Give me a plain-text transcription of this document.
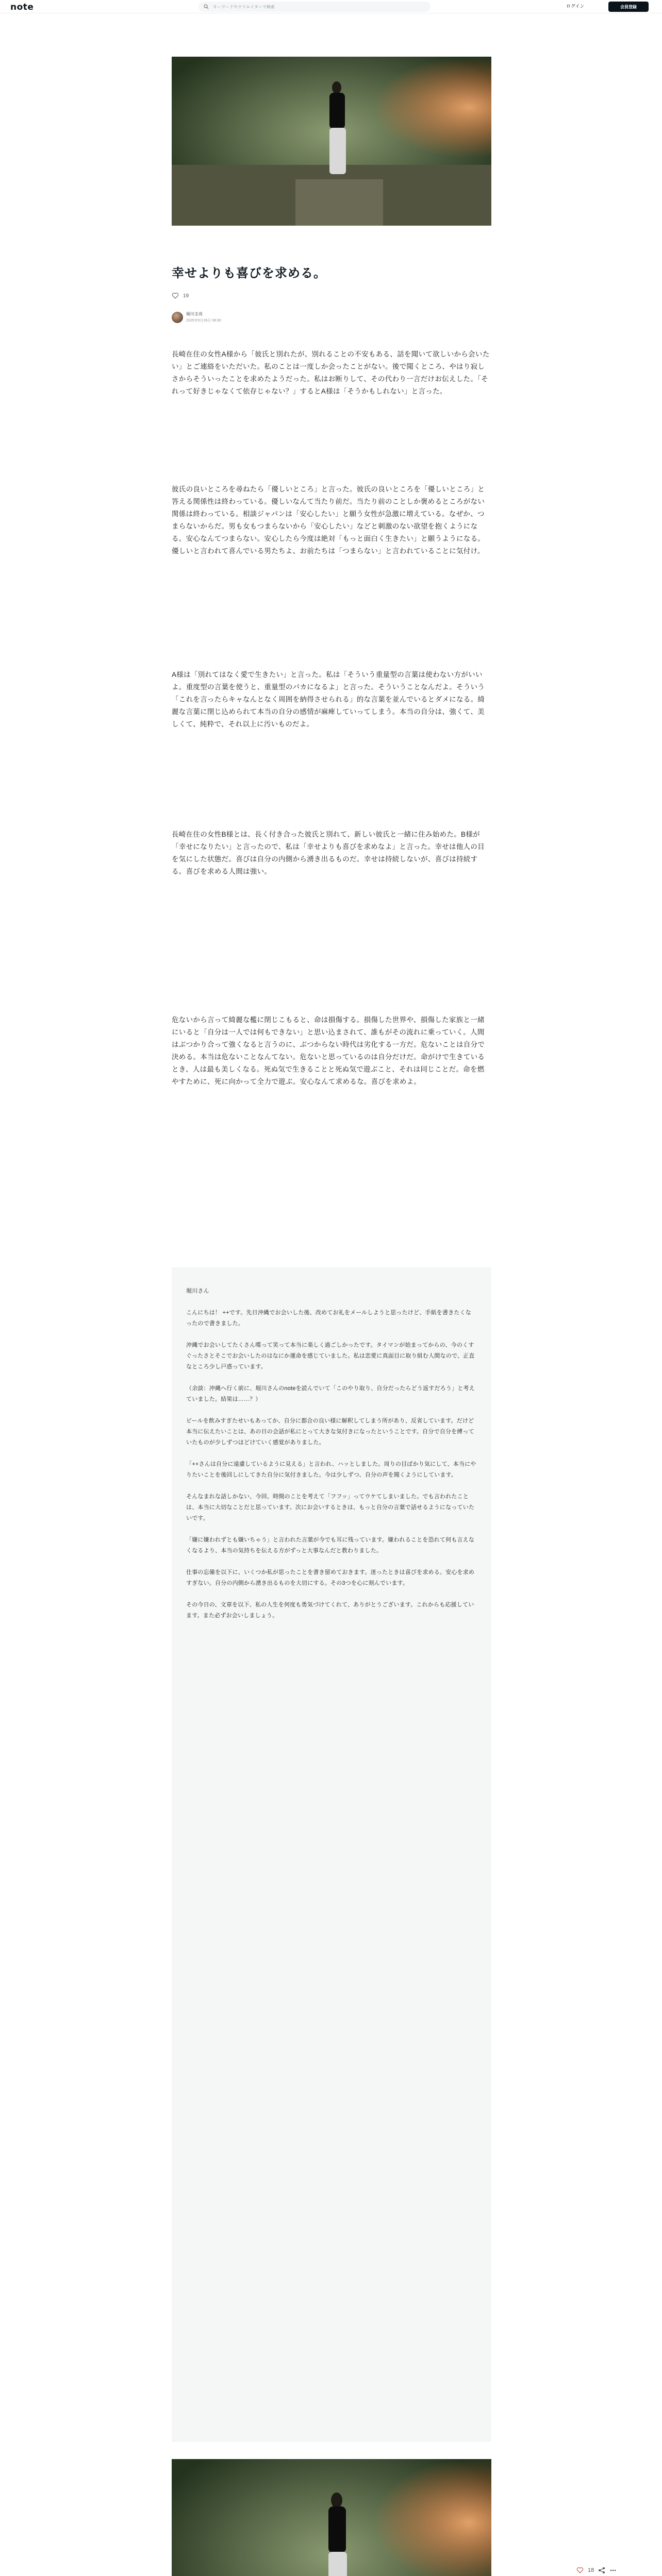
note
キーワードやクリエイターで検索	ログイン	会員登録
幸せよりも喜びを求める。
19
堀川圭亮
2025年5月26日 08:30

長崎在住の女性A様から「彼氏と別れたが、別れることの不安もある、話を聞いて欲しいから会いたい」とご連絡をいただいた。私のことは一度しか会ったことがない。後で聞くところ、やはり寂しさからそういったことを求めたようだった。私はお断りして、その代わり一言だけお伝えした。「それって好きじゃなくて依存じゃない？」するとA様は「そうかもしれない」と言った。

彼氏の良いところを尋ねたら「優しいところ」と言った。彼氏の良いところを「優しいところ」と答える関係性は終わっている。優しいなんて当たり前だ。当たり前のことしか褒めるところがない関係は終わっている。相談ジャパンは「安心したい」と願う女性が急激に増えている。なぜか、つまらないからだ。男も女もつまらないから「安心したい」などと刺激のない欲望を抱くようになる。安心なんてつまらない。安心したら今度は絶対「もっと面白く生きたい」と願うようになる。優しいと言われて喜んでいる男たちよ、お前たちは「つまらない」と言われていることに気付け。

A様は「別れてはなく愛で生きたい」と言った。私は「そういう重量型の言葉は使わない方がいいよ。重度型の言葉を使うと、重量型のパカになるよ」と言った。そういうことなんだよ。そういう「これを言ったらキャなんとなく周囲を納得させられる」的な言葉を並んでいるとダメになる。綺麗な言葉に閉じ込められて本当の自分の感情が麻痺していってしまう。本当の自分は、強くて、美しくて、純粋で、それ以上に汚いものだよ。

長崎在住の女性B様とは、長く付き合った彼氏と別れて、新しい彼氏と一緒に住み始めた。B様が「幸せになりたい」と言ったので、私は「幸せよりも喜びを求めなよ」と言った。幸せは他人の目を気にした状態だ。喜びは自分の内側から湧き出るものだ。幸せは持続しないが、喜びは持続する。喜びを求める人間は強い。

危ないから言って綺麗な檻に閉じこもると、命は損傷する。損傷した世界や、損傷した家族と一緒にいると「自分は一人では何もできない」と思い込まされて、誰もがその流れに乗っていく。人間はぶつかり合って強くなると言うのに、ぶつからない時代は劣化する一方だ。危ないことは自分で決める。本当は危ないことなんてない。危ないと思っているのは自分だけだ。命がけで生きているとき、人は最も美しくなる。死ぬ気で生きることと死ぬ気で遊ぶこと、それは同じことだ。命を燃やすために、死に向かって全力で遊ぶ。安心なんて求めるな。喜びを求めよ。

堀川さん

こんにちは！ ++です。先日沖縄でお会いした後、改めてお礼をメールしようと思ったけど、手紙を書きたくなったので書きました。

沖縄でお会いしてたくさん喋って笑って本当に楽しく過ごしかったです。タイマンが始まってからの、今のくすぐったさとそこでお会いしたのはなにか運命を感じていました。私は恋愛に真面目に取り組む人間なので、正直なところ少し戸惑っています。

（余談：沖縄へ行く前に、堀川さんのnoteを読んでいて「このやり取り、自分だったらどう返すだろう」と考えていました。結果は……？）

ビールを飲みすぎたせいもあってか、自分に都合の良い様に解釈してしまう所があり、反省しています。だけど本当に伝えたいことは、あの日の会話が私にとって大きな気付きになったということです。自分で自分を縛っていたものが少しずつほどけていく感覚がありました。

「++さんは自分に遠慮しているように見える」と言われ、ハッとしました。周りの目ばかり気にして、本当にやりたいことを後回しにしてきた自分に気付きました。今は少しずつ、自分の声を聞くようにしています。

そんなまれな話しかない、今回、時間のことを考えて「フフッ」ってウケてしまいました。でも言われたことは、本当に大切なことだと思っています。次にお会いするときは、もっと自分の言葉で話せるようになっていたいです。

「嫌に嫌われずとも嫌いちゃう」と言われた言葉が今でも耳に残っています。嫌われることを恐れて何も言えなくなるより、本当の気持ちを伝える方がずっと大事なんだと教わりました。

仕事の忘備を以下に、いくつか私が思ったことを書き留めておきます。迷ったときは喜びを求める。安心を求めすぎない。自分の内側から湧き出るものを大切にする。その3つを心に刻んでいます。

その今日の、文章を以下、私の人生を何度も勇気づけてくれて、ありがとうございます。これからも応援しています。また必ずお会いしましょう。

18
